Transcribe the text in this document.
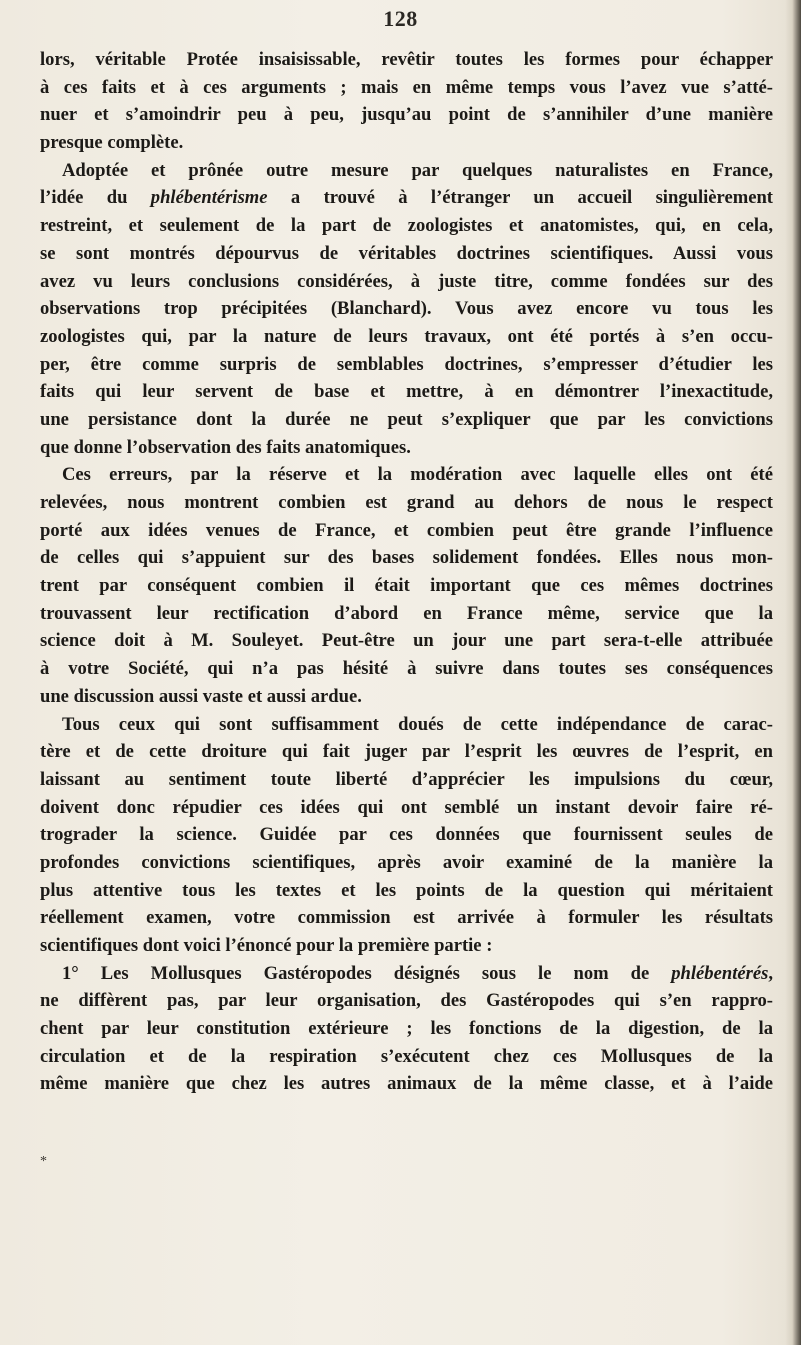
128
lors, véritable Protée insaisissable, revêtir toutes les formes pour échapper
à ces faits et à ces arguments ; mais en même temps vous l’avez vue s’atté-
nuer et s’amoindrir peu à peu, jusqu’au point de s’annihiler d’une manière
presque complète.
Adoptée et prônée outre mesure par quelques naturalistes en France,
l’idée du phlébentérisme a trouvé à l’étranger un accueil singulièrement
restreint, et seulement de la part de zoologistes et anatomistes, qui, en cela,
se sont montrés dépourvus de véritables doctrines scientifiques. Aussi vous
avez vu leurs conclusions considérées, à juste titre, comme fondées sur des
observations trop précipitées (Blanchard). Vous avez encore vu tous les
zoologistes qui, par la nature de leurs travaux, ont été portés à s’en occu-
per, être comme surpris de semblables doctrines, s’empresser d’étudier les
faits qui leur servent de base et mettre, à en démontrer l’inexactitude,
une persistance dont la durée ne peut s’expliquer que par les convictions
que donne l’observation des faits anatomiques.
Ces erreurs, par la réserve et la modération avec laquelle elles ont été
relevées, nous montrent combien est grand au dehors de nous le respect
porté aux idées venues de France, et combien peut être grande l’influence
de celles qui s’appuient sur des bases solidement fondées. Elles nous mon-
trent par conséquent combien il était important que ces mêmes doctrines
trouvassent leur rectification d’abord en France même, service que la
science doit à M. Souleyet. Peut-être un jour une part sera-t-elle attribuée
à votre Société, qui n’a pas hésité à suivre dans toutes ses conséquences
une discussion aussi vaste et aussi ardue.
Tous ceux qui sont suffisamment doués de cette indépendance de carac-
tère et de cette droiture qui fait juger par l’esprit les œuvres de l’esprit, en
laissant au sentiment toute liberté d’apprécier les impulsions du cœur,
doivent donc répudier ces idées qui ont semblé un instant devoir faire ré-
trograder la science. Guidée par ces données que fournissent seules de
profondes convictions scientifiques, après avoir examiné de la manière la
plus attentive tous les textes et les points de la question qui méritaient
réellement examen, votre commission est arrivée à formuler les résultats
scientifiques dont voici l’énoncé pour la première partie :
1° Les Mollusques Gastéropodes désignés sous le nom de phlébentérés,
ne diffèrent pas, par leur organisation, des Gastéropodes qui s’en rappro-
chent par leur constitution extérieure ; les fonctions de la digestion, de la
circulation et de la respiration s’exécutent chez ces Mollusques de la
même manière que chez les autres animaux de la même classe, et à l’aide
*
